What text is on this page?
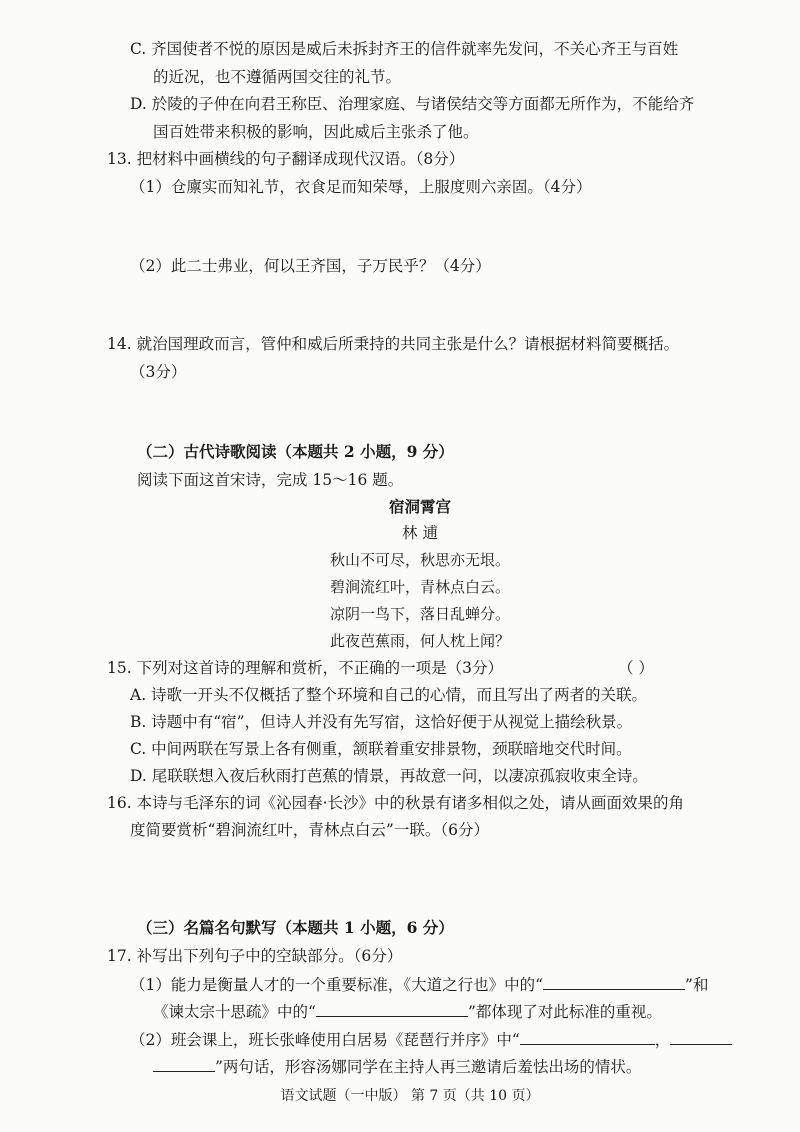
C. 齐国使者不悦的原因是威后未拆封齐王的信件就率先发问，不关心齐王与百姓
的近况，也不遵循两国交往的礼节。
D. 於陵的子仲在向君王称臣、治理家庭、与诸侯结交等方面都无所作为，不能给齐
国百姓带来积极的影响，因此威后主张杀了他。
13. 把材料中画横线的句子翻译成现代汉语。（8分）
（1）仓廪实而知礼节，衣食足而知荣辱，上服度则六亲固。（4分）
（2）此二士弗业，何以王齐国，子万民乎？（4分）
14. 就治国理政而言，管仲和威后所秉持的共同主张是什么？请根据材料简要概括。
（3分）
（二）古代诗歌阅读（本题共 2 小题，9 分）
阅读下面这首宋诗，完成 15～16 题。
宿洞霄宫
林 逋
秋山不可尽，秋思亦无垠。
碧涧流红叶，青林点白云。
凉阴一鸟下，落日乱蝉分。
此夜芭蕉雨，何人枕上闻？
15. 下列对这首诗的理解和赏析，不正确的一项是（3分）	（ ）
A. 诗歌一开头不仅概括了整个环境和自己的心情，而且写出了两者的关联。
B. 诗题中有“宿”，但诗人并没有先写宿，这恰好便于从视觉上描绘秋景。
C. 中间两联在写景上各有侧重，颔联着重安排景物，颈联暗地交代时间。
D. 尾联联想入夜后秋雨打芭蕉的情景，再故意一问，以凄凉孤寂收束全诗。
16. 本诗与毛泽东的词《沁园春·长沙》中的秋景有诸多相似之处，请从画面效果的角
度简要赏析“碧涧流红叶，青林点白云”一联。（6分）
（三）名篇名句默写（本题共 1 小题，6 分）
17. 补写出下列句子中的空缺部分。（6分）
（1）能力是衡量人才的一个重要标准，《大道之行也》中的“	”和
《谏太宗十思疏》中的“	”都体现了对此标准的重视。
（2）班会课上，班长张峰使用白居易《琵琶行并序》中“	，
”两句话，形容汤娜同学在主持人再三邀请后羞怯出场的情状。
语文试题（一中版） 第 7 页（共 10 页）
